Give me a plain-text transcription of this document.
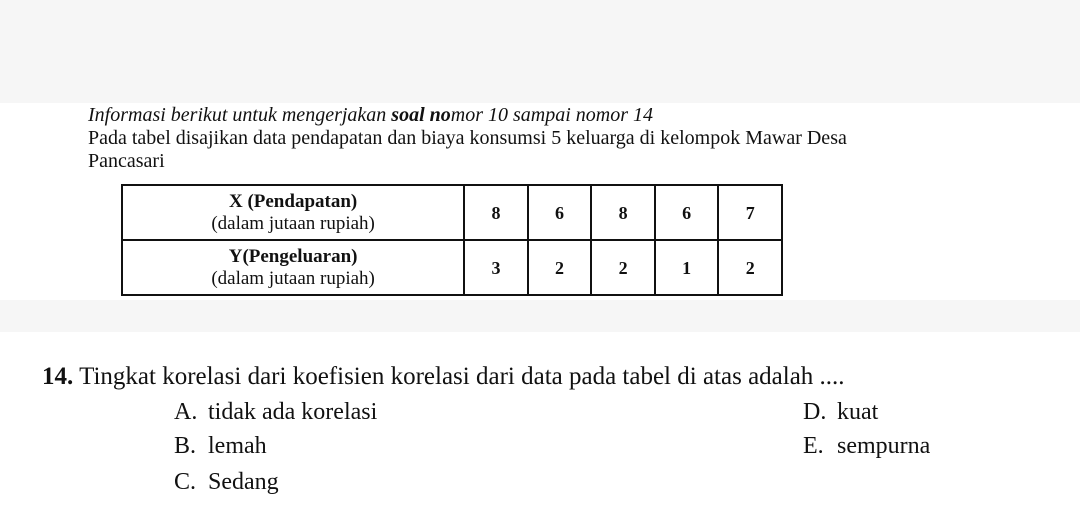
Informasi berikut untuk mengerjakan soal nomor 10 sampai nomor 14
Pada tabel disajikan data pendapatan dan biaya konsumsi 5 keluarga di kelompok Mawar Desa
Pancasari
X (Pendapatan)
(dalam jutaan rupiah)	8	6	8	6	7
Y(Pengeluaran)
(dalam jutaan rupiah)	3	2	2	1	2
14. Tingkat korelasi dari koefisien korelasi dari data pada tabel di atas adalah ....
A. tidak ada korelasi
B. lemah
C. Sedang
D. kuat
E. sempurna
